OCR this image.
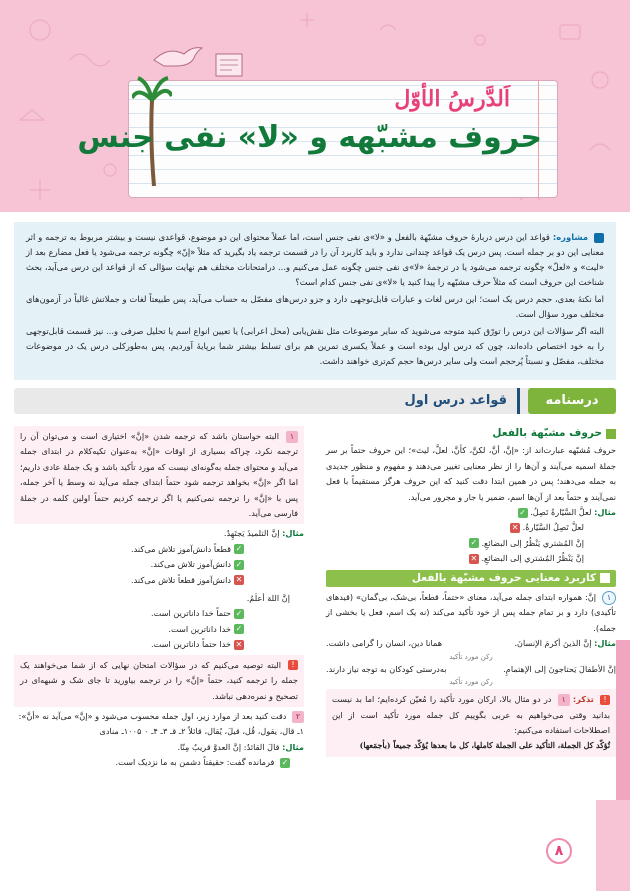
اَلدَّرسُ الأوّل
حروف مشبّهه و «لا» نفی جنس

مشاوره: قواعد این درس دربارهٔ حروف مشبّهة بالفعل و «لا»ی نفی جنس است، اما عملاً محتوای این دو موضوع، قواعدی نیست و بیشتر مربوط به ترجمه و اثر معنایی این دو بر جمله است. پس درس یک قواعد چندانی ندارد و باید کاربرد آن را در قسمت ترجمه یاد بگیرید که مثلاً «إنّ» چگونه ترجمه می‌شود یا فعل مضارع بعد از «لیت» و «لعلّ» چگونه ترجمه می‌شود یا در ترجمهٔ «لا»ی نفی جنس چگونه عمل می‌کنیم و... درامتحانات مختلف هم نهایت سؤالی که از قواعد این درس می‌آید، بحث شناخت این حروف است که مثلاً حرف مشبّهه را پیدا کنید یا «لا»ی نفی جنس کدام است؟

اما نکتهٔ بعدی، حجم درس یک است؛ این درس لغات و عبارات قابل‌توجهی دارد و جزو درس‌های مفصّل به حساب می‌آید، پس طبیعتاً لغات و جملاتش غالباً در آزمون‌های مختلف مورد سؤال است.

البته اگر سؤالات این درس را تورّق کنید متوجه می‌شوید که سایر موضوعات مثل نقش‌یابی (محل اعرابی) یا تعیین انواع اسم یا تحلیل صرفی و... نیز قسمت قابل‌توجهی را به خود اختصاص داده‌اند، چون که درس اول بوده است و عملاً یکسری تمرین هم برای تسلط بیشتر شما برپایهٔ آوردیم، پس به‌طورکلی درس یک در موضوعات مختلف، مفصّل و نسبتاً پُرحجم است ولی سایر درس‌ها حجم کم‌تری خواهند داشت.

درسنامه
قواعد درس اول
حروف مشبّهة بالفعل
حروف مُشبّهه عبارت‌اند از: «إنَّ، أنَّ، لکنَّ، کأنَّ، لعلَّ، لیتَ»؛ این حروف حتماً بر سر جملهٔ اسمیه می‌آیند و آن‌ها را از نظر معنایی تغییر می‌دهند و مفهوم و منظور جدیدی به جمله می‌دهند؛ پس در همین ابتدا دقت کنید که این حروف هرگز مستقیماً با فعل نمی‌آیند و حتماً بعد از آن‌ها اسم، ضمیر یا جار و مجرور می‌آید.
مثال: لعلَّ السَّيّارةُ تَصِلُ. ✓
لعلَّ تَصِلُ السَّيّارةُ. ✕
إنَّ المُشتري يَنْظُرُ إلى البضائعِ. ✓
إنَّ يَنْظُرُ المُشتري إلى البضائعِ. ✕
کاربرد معنایی حروف مشبّهة بالفعل
۱ إنَّ: همواره ابتدای جمله می‌آید، معنای «حتماً، قطعاً، بی‌شک، بی‌گمان» (قیدهای تأکیدی) دارد و بر تمام جمله پس از خود تأکید می‌کند (نه یک اسم، فعل یا بخشی از جمله).
مثال: إنَّ الذينَ أكرمَ الإنسانَ.
همانا دین، انسان را گرامی داشت.
رکن مورد تأکید
إنَّ الأطفالَ يَحتاجونَ إلى الإهتمامِ.
به‌درستی کودکان به توجه نیاز دارند.
رکن مورد تأکید
! تذکر: ۱ در دو مثال بالا، ارکان مورد تأکید را مُعیّن کرده‌ایم؛ اما بد نیست بدانید وقتی می‌خواهیم به عربی بگوییم کل جمله مورد تأکید است از این اصطلاحات استفاده می‌کنیم:
تُؤكّد كل الجملة، التأكيد على الجملة كاملها، كل ما بعدها يُؤكّد جميعاً (بأجمَعها)
۱ البته حواستان باشد که ترجمه شدن «إنَّ» اختیاری است و می‌توان آن را ترجمه نکرد، چراکه بسیاری از اوقات «إنَّ» به‌عنوان تکیه‌کلام در ابتدای جمله می‌آید و محتوای جمله به‌گونه‌ای نیست که مورد تأکید باشد و یک جملهٔ عادی داریم؛ اما اگر «إنَّ» بخواهد ترجمه شود حتماً ابتدای جمله می‌آید نه وسط یا آخر جمله، پس با «إنَّ» را ترجمه نمی‌کنیم یا اگر ترجمه کردیم حتماً اولین کلمه در جملهٔ فارسی می‌آید.
مثال: إنَّ التلميذَ يَجتَهِدُ.
✓قطعاً دانش‌آموز تلاش می‌کند.
✓دانش‌آموز تلاش می‌کند.
✕دانش‌آموز قطعاً تلاش می‌کند.
إنَّ اللهَ أعلَمُ.
✓حتماً خدا داناترین است.
✓خدا داناترین است.
✕خدا حتماً داناترین است.
! البته توصیه می‌کنیم که در سؤالات امتحان نهایی که از شما می‌خواهند یک جمله را ترجمه کنید، حتماً «إنَّ» را در ترجمه بیاورید تا جای شک و شبهه‌ای در تصحیح و نمره‌دهی نباشد.
۲ دقت کنید بعد از موارد زیر، اول جمله محسوب می‌شود و «إنَّ» می‌آید نه «أنَّ»:
۱ـ قال، یقول، قُل، قیلَ، یُقال، قائلاً ۲ـ قـ ۳ـ ۴ـ ۰ ۱۰۰۵ـ منادی
مثال: قالَ القائدُ: إنَّ العدوَّ قريبٌ مِنّا.
✓ فرمانده گفت: حقیقتاً دشمن به ما نزدیک است.
۸
